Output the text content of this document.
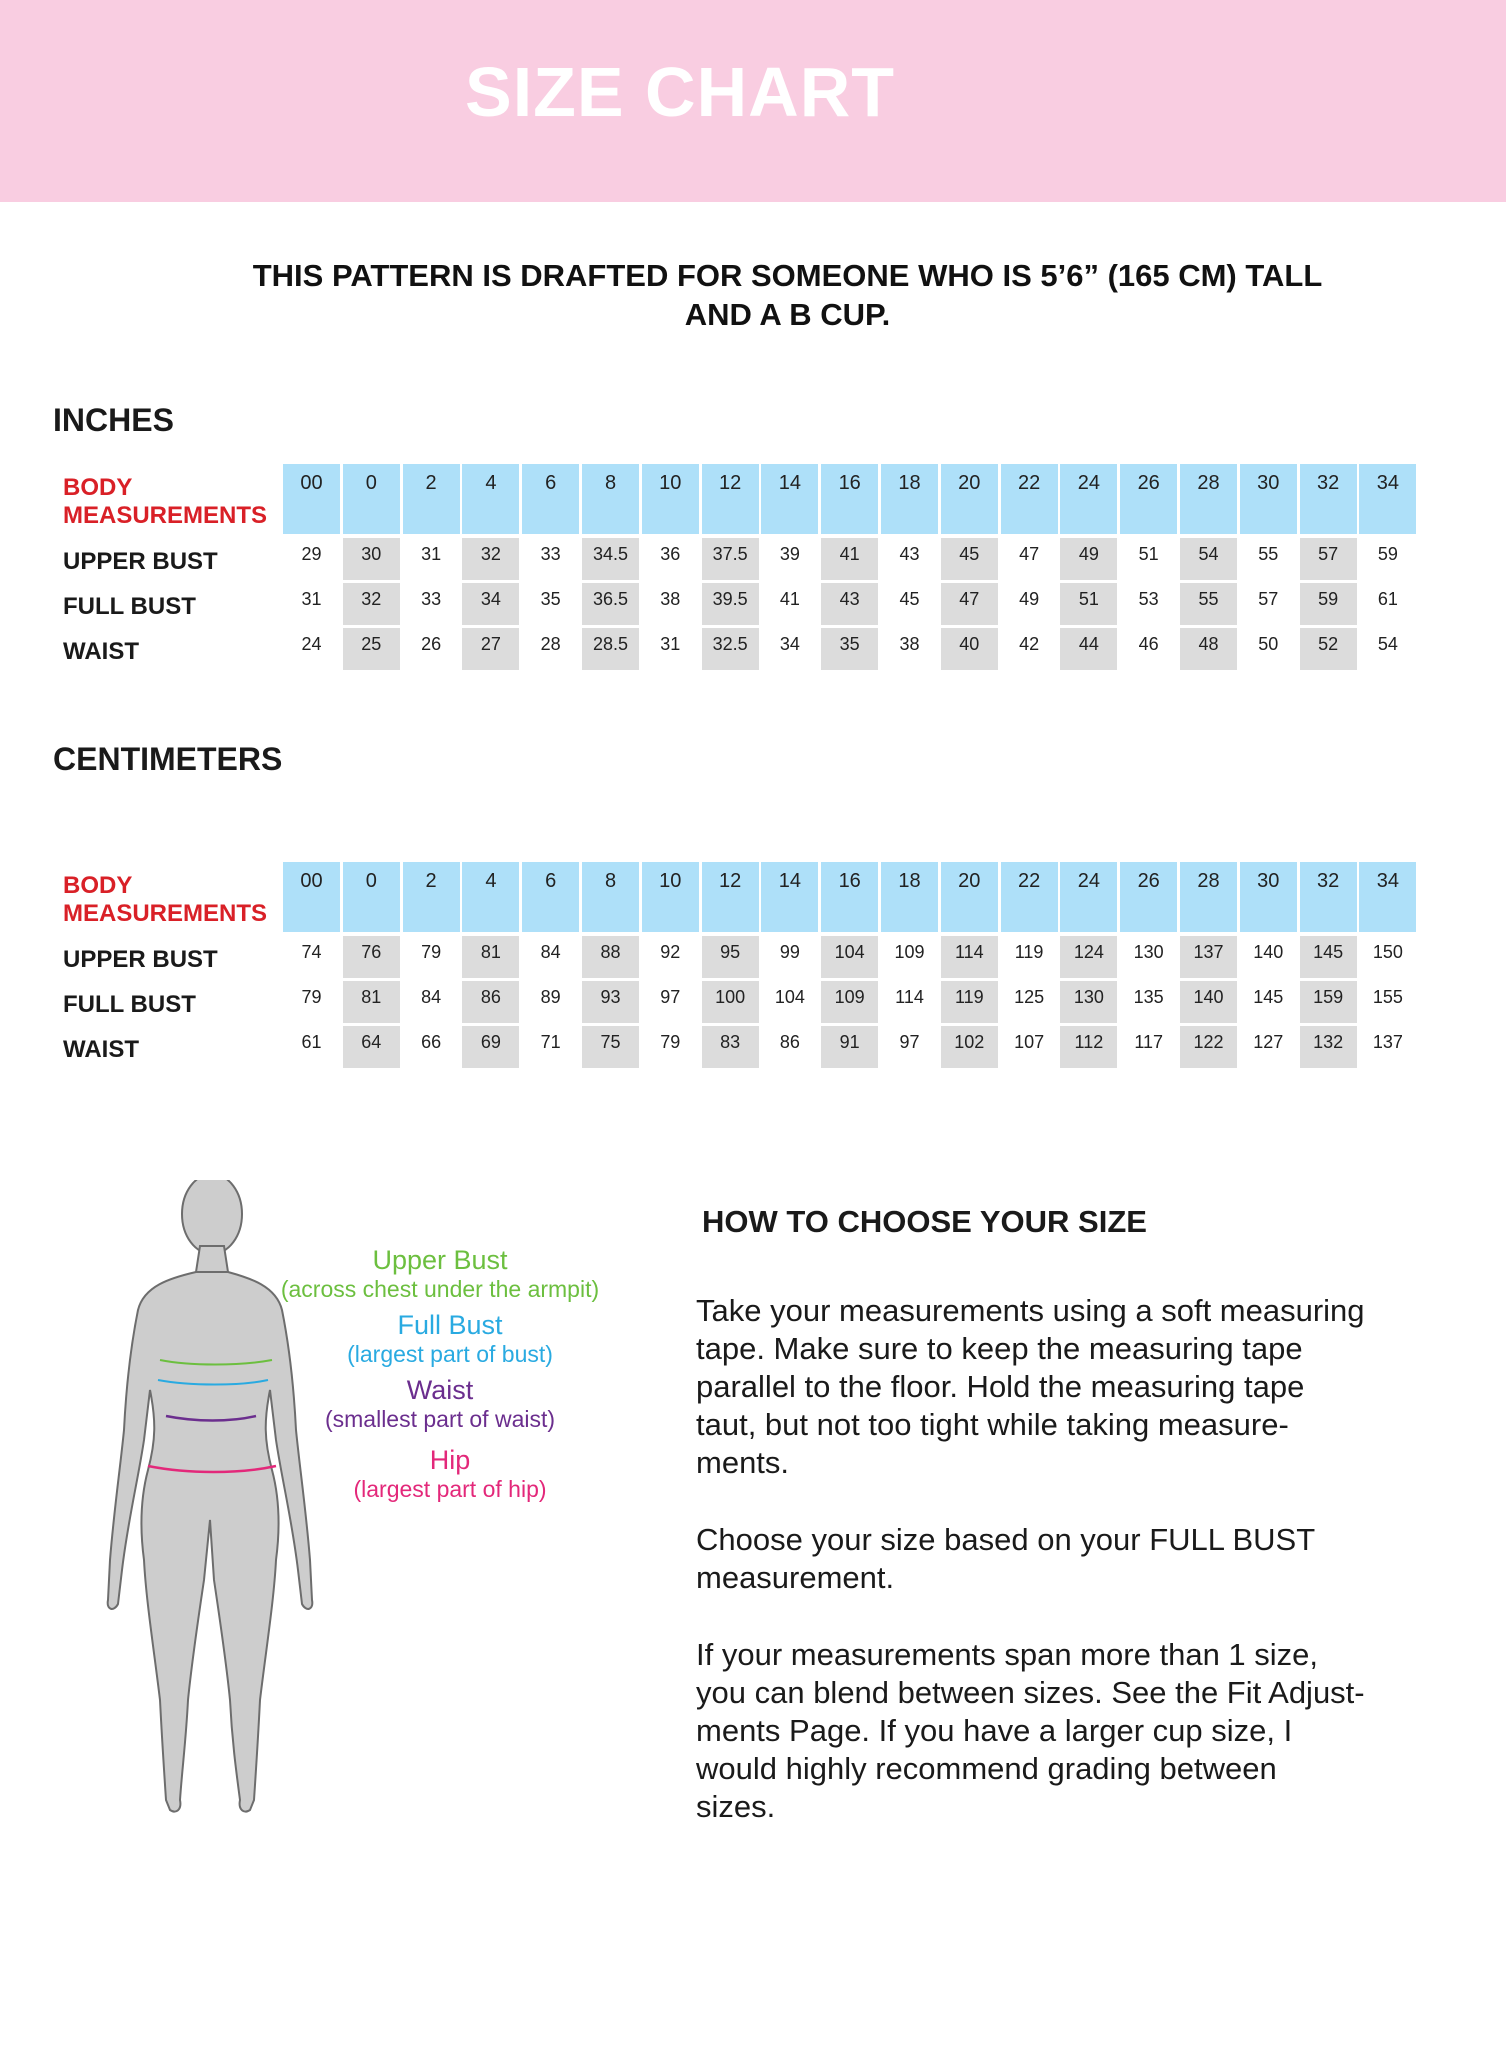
SIZE CHART
THIS PATTERN IS DRAFTED FOR SOMEONE WHO IS 5’6” (165 CM) TALL
AND A B CUP.
INCHES
BODY MEASUREMENTS
00	0	2	4	6	8	10	12	14	16	18	20	22	24	26	28	30	32	34
UPPER BUST	29	30	31	32	33	34.5	36	37.5	39	41	43	45	47	49	51	54	55	57	59
FULL BUST	31	32	33	34	35	36.5	38	39.5	41	43	45	47	49	51	53	55	57	59	61
WAIST	24	25	26	27	28	28.5	31	32.5	34	35	38	40	42	44	46	48	50	52	54
CENTIMETERS
BODY MEASUREMENTS
00	0	2	4	6	8	10	12	14	16	18	20	22	24	26	28	30	32	34
UPPER BUST	74	76	79	81	84	88	92	95	99	104	109	114	119	124	130	137	140	145	150
FULL BUST	79	81	84	86	89	93	97	100	104	109	114	119	125	130	135	140	145	159	155
WAIST	61	64	66	69	71	75	79	83	86	91	97	102	107	112	117	122	127	132	137
Upper Bust
(across chest under the armpit)
Full Bust
(largest part of bust)
Waist
(smallest part of waist)
Hip
(largest part of hip)
HOW TO CHOOSE YOUR SIZE
Take your measurements using a soft measuring
tape. Make sure to keep the measuring tape
parallel to the floor. Hold the measuring tape
taut, but not too tight while taking measure-
ments.
Choose your size based on your FULL BUST
measurement.
If your measurements span more than 1 size,
you can blend between sizes. See the Fit Adjust-
ments Page. If you have a larger cup size, I
would highly recommend grading between
sizes.
